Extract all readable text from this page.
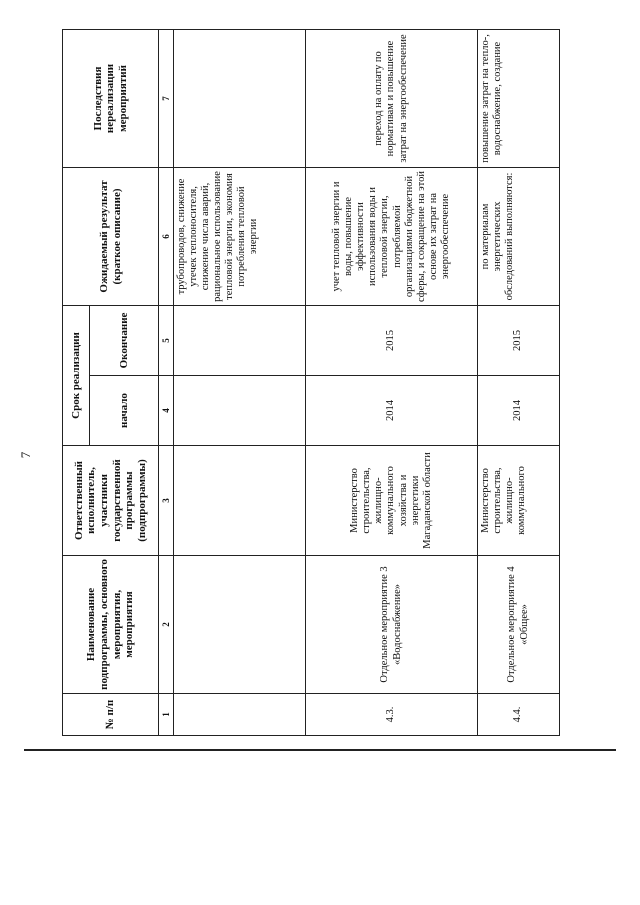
7
№ п/п	Наименование подпрограммы, основного мероприятия, мероприятия	Ответственный исполнитель, участники государственной программы (подпрограммы)	Срок реализации		Ожидаемый результат (краткое описание)	Последствия нереализации мероприятий
			начало	Окончание		
1	2	3	4	5	6	7
					трубопроводов, снижение утечек теплоносителя, снижение числа аварий, рациональное использование тепловой энергии, экономия потребления тепловой энергии	
4.3.	Отдельное мероприятие 3 «Водоснабжение»	Министерство строительства, жилищно-коммунального хозяйства и энергетики Магаданской области	2014	2015	учет тепловой энергии и воды, повышение эффективности использования воды и тепловой энергии, потребляемой организациями бюджетной сферы, и сокращение на этой основе их затрат на энергообеспечение	переход на оплату по нормативам и повышение затрат на энергообеспечение
4.4.	Отдельное мероприятие 4 «Общее»	Министерство строительства, жилищно-коммунального	2014	2015	по материалам энергетических обследований выполняются:	повышение затрат на тепло-, водоснабжение, создание
